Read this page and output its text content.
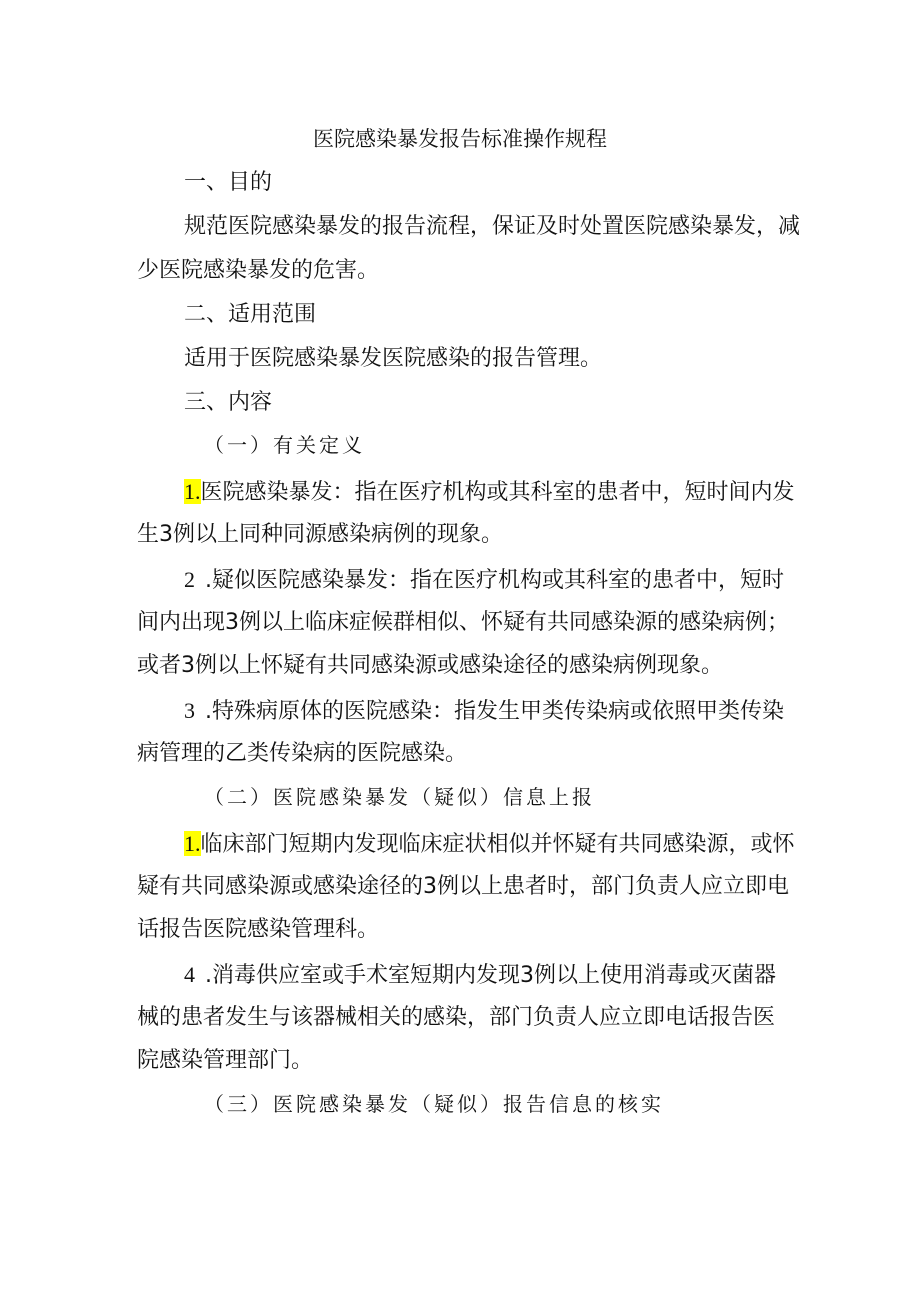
医院感染暴发报告标准操作规程
一、目的
规范医院感染暴发的报告流程，保证及时处置医院感染暴发，减
少医院感染暴发的危害。
二、适用范围
适用于医院感染暴发医院感染的报告管理。
三、内容
（一）有关定义
1.医院感染暴发：指在医疗机构或其科室的患者中，短时间内发
生3例以上同种同源感染病例的现象。
2 .疑似医院感染暴发：指在医疗机构或其科室的患者中，短时
间内出现3例以上临床症候群相似、怀疑有共同感染源的感染病例；
或者3例以上怀疑有共同感染源或感染途径的感染病例现象。
3 .特殊病原体的医院感染：指发生甲类传染病或依照甲类传染
病管理的乙类传染病的医院感染。
（二）医院感染暴发（疑似）信息上报
1.临床部门短期内发现临床症状相似并怀疑有共同感染源，或怀
疑有共同感染源或感染途径的3例以上患者时，部门负责人应立即电
话报告医院感染管理科。
4 .消毒供应室或手术室短期内发现3例以上使用消毒或灭菌器
械的患者发生与该器械相关的感染，部门负责人应立即电话报告医
院感染管理部门。
（三）医院感染暴发（疑似）报告信息的核实
